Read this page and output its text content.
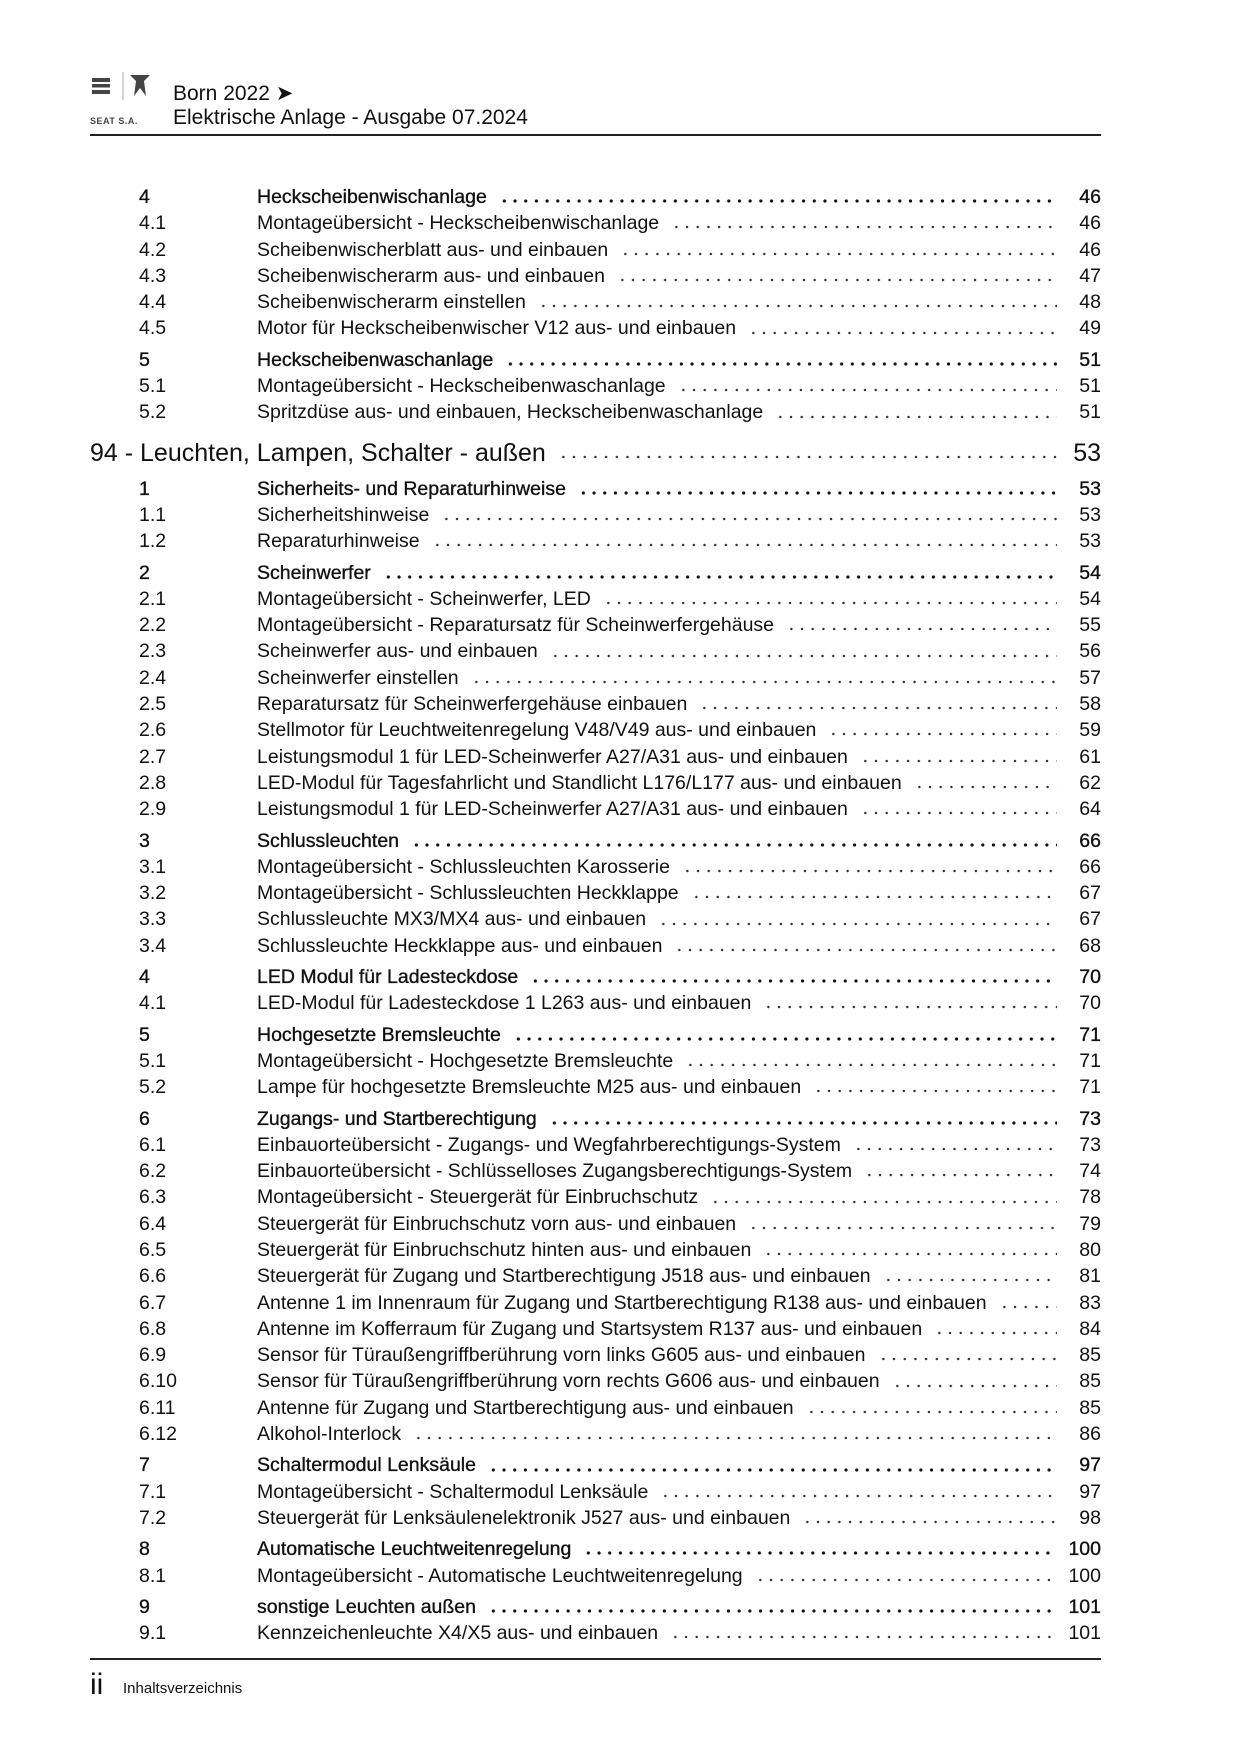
SEAT S.A.
Born 2022 ➤
Elektrische Anlage - Ausgabe 07.2024
4	Heckscheibenwischanlage	46
4.1	Montageübersicht - Heckscheibenwischanlage	46
4.2	Scheibenwischerblatt aus- und einbauen	46
4.3	Scheibenwischerarm aus- und einbauen	47
4.4	Scheibenwischerarm einstellen	48
4.5	Motor für Heckscheibenwischer V12 aus- und einbauen	49
5	Heckscheibenwaschanlage	51
5.1	Montageübersicht - Heckscheibenwaschanlage	51
5.2	Spritzdüse aus- und einbauen, Heckscheibenwaschanlage	51
94 - Leuchten, Lampen, Schalter - außen	53
1	Sicherheits- und Reparaturhinweise	53
1.1	Sicherheitshinweise	53
1.2	Reparaturhinweise	53
2	Scheinwerfer	54
2.1	Montageübersicht - Scheinwerfer, LED	54
2.2	Montageübersicht - Reparatursatz für Scheinwerfergehäuse	55
2.3	Scheinwerfer aus- und einbauen	56
2.4	Scheinwerfer einstellen	57
2.5	Reparatursatz für Scheinwerfergehäuse einbauen	58
2.6	Stellmotor für Leuchtweitenregelung V48/V49 aus- und einbauen	59
2.7	Leistungsmodul 1 für LED-Scheinwerfer A27/A31 aus- und einbauen	61
2.8	LED-Modul für Tagesfahrlicht und Standlicht L176/L177 aus- und einbauen	62
2.9	Leistungsmodul 1 für LED-Scheinwerfer A27/A31 aus- und einbauen	64
3	Schlussleuchten	66
3.1	Montageübersicht - Schlussleuchten Karosserie	66
3.2	Montageübersicht - Schlussleuchten Heckklappe	67
3.3	Schlussleuchte MX3/MX4 aus- und einbauen	67
3.4	Schlussleuchte Heckklappe aus- und einbauen	68
4	LED Modul für Ladesteckdose	70
4.1	LED-Modul für Ladesteckdose 1 L263 aus- und einbauen	70
5	Hochgesetzte Bremsleuchte	71
5.1	Montageübersicht - Hochgesetzte Bremsleuchte	71
5.2	Lampe für hochgesetzte Bremsleuchte M25 aus- und einbauen	71
6	Zugangs- und Startberechtigung	73
6.1	Einbauorteübersicht - Zugangs- und Wegfahrberechtigungs-System	73
6.2	Einbauorteübersicht - Schlüsselloses Zugangsberechtigungs-System	74
6.3	Montageübersicht - Steuergerät für Einbruchschutz	78
6.4	Steuergerät für Einbruchschutz vorn aus- und einbauen	79
6.5	Steuergerät für Einbruchschutz hinten aus- und einbauen	80
6.6	Steuergerät für Zugang und Startberechtigung J518 aus- und einbauen	81
6.7	Antenne 1 im Innenraum für Zugang und Startberechtigung R138 aus- und einbauen	83
6.8	Antenne im Kofferraum für Zugang und Startsystem R137 aus- und einbauen	84
6.9	Sensor für Türaußengriffberührung vorn links G605 aus- und einbauen	85
6.10	Sensor für Türaußengriffberührung vorn rechts G606 aus- und einbauen	85
6.11	Antenne für Zugang und Startberechtigung aus- und einbauen	85
6.12	Alkohol-Interlock	86
7	Schaltermodul Lenksäule	97
7.1	Montageübersicht - Schaltermodul Lenksäule	97
7.2	Steuergerät für Lenksäulenelektronik J527 aus- und einbauen	98
8	Automatische Leuchtweitenregelung	100
8.1	Montageübersicht - Automatische Leuchtweitenregelung	100
9	sonstige Leuchten außen	101
9.1	Kennzeichenleuchte X4/X5 aus- und einbauen	101
ii Inhaltsverzeichnis
